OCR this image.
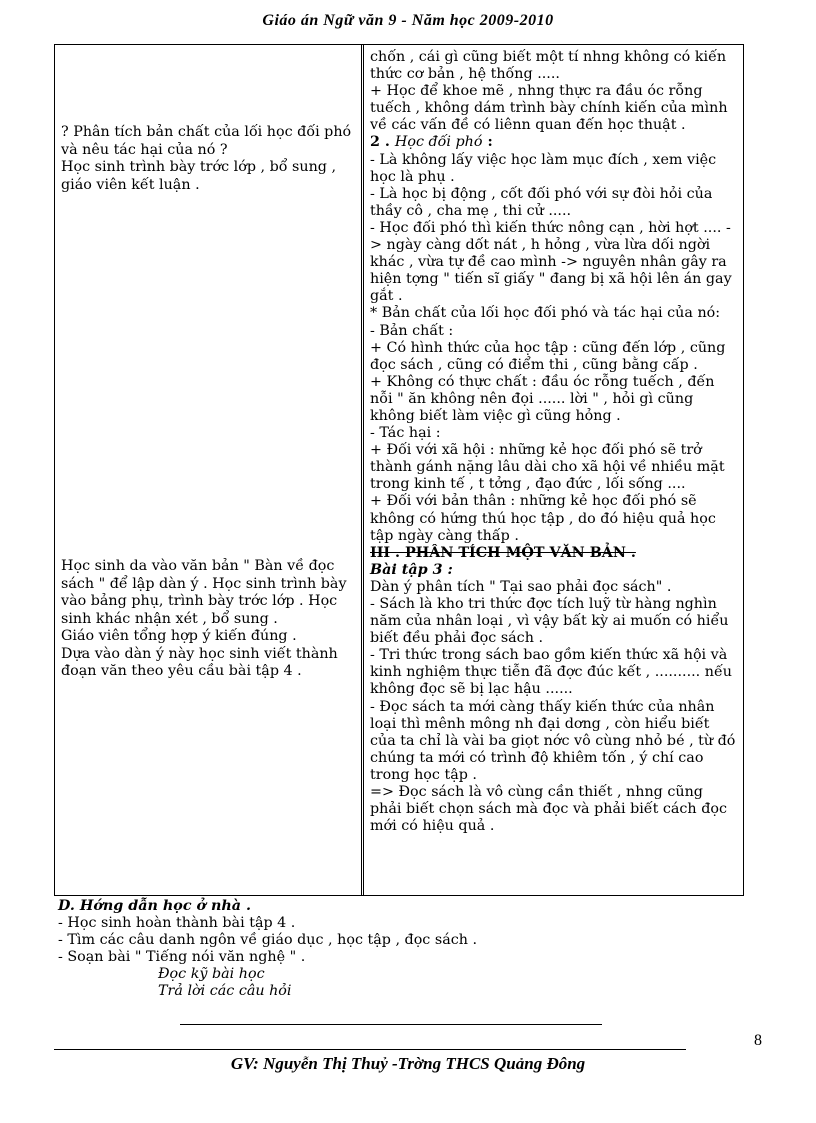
Giáo án Ngữ văn 9 - Năm học 2009-2010

? Phân tích bản chất của lối học đối phó và nêu tác hại của nó ?

Học sinh trình bày trớc lớp , bổ sung , giáo viên kết luận .

Học sinh da vào văn bản " Bàn về đọc sách " để lập dàn ý . Học sinh trình bày vào bảng phụ, trình bày trớc lớp . Học sinh khác nhận xét , bổ sung .

Giáo viên tổng hợp ý kiến đúng .

Dựa vào dàn ý này học sinh viết thành đoạn văn theo yêu cầu bài tập 4 .

chốn , cái gì cũng biết một tí nhng không có kiến thức cơ bản , hệ thống .....

+ Học để khoe mẽ , nhng thực ra đầu óc rỗng tuếch , không dám trình bày chính kiến của mình về các vấn đề có liênn quan đến học thuật .

2 . Học đối phó :

- Là không lấy việc học làm mục đích , xem việc học là phụ .

- Là học bị động , cốt đối phó với sự đòi hỏi của thầy cô , cha mẹ , thi cử .....

- Học đối phó thì kiến thức nông cạn , hời hợt .... -> ngày càng dốt nát , h hỏng , vừa lừa dối ngời khác , vừa tự đề cao mình -> nguyên nhân gây ra hiện tợng " tiến sĩ giấy " đang bị xã hội lên án gay gắt .

* Bản chất của lối học đối phó và tác hại của nó:

- Bản chất :

+ Có hình thức của học tập : cũng đến lớp , cũng đọc sách , cũng có điểm thi , cũng bằng cấp .

+ Không có thực chất : đầu óc rỗng tuếch , đến nỗi " ăn không nên đọi ...... lời " , hỏi gì cũng không biết làm việc gì cũng hỏng .

- Tác hại :

+ Đối với xã hội : những kẻ học đối phó sẽ trở thành gánh nặng lâu dài cho xã hội về nhiều mặt trong kinh tế , t tởng , đạo đức , lối sống ....

+ Đối với bản thân : những kẻ học đối phó sẽ không có hứng thú học tập , do đó hiệu quả học tập ngày càng thấp .

III . PHÂN TÍCH MỘT VĂN BẢN .

Bài tập 3 :

Dàn ý phân tích " Tại sao phải đọc sách" .

- Sách là kho tri thức đợc tích luỹ từ hàng nghìn năm của nhân loại , vì vậy bất kỳ ai muốn có hiểu biết đều phải đọc sách .

- Tri thức trong sách bao gồm kiến thức xã hội và kinh nghiệm thực tiễn đã đợc đúc kết , .......... nếu không đọc sẽ bị lạc hậu ......

- Đọc sách ta mới càng thấy kiến thức của nhân loại thì mênh mông nh đại dơng , còn hiểu biết của ta chỉ là vài ba giọt nớc vô cùng nhỏ bé , từ đó chúng ta mới có trình độ khiêm tốn , ý chí cao trong học tập .

=> Đọc sách là vô cùng cần thiết , nhng cũng phải biết chọn sách mà đọc và phải biết cách đọc mới có hiệu quả .

D. Hớng dẫn học ở nhà .

- Học sinh hoàn thành bài tập 4 .

- Tìm các câu danh ngôn về giáo dục , học tập , đọc sách .

- Soạn bài " Tiếng nói văn nghệ " .

Đọc kỹ bài học

Trả lời các câu hỏi

8
GV: Nguyễn Thị Thuỷ -Trờng THCS Quảng Đông
